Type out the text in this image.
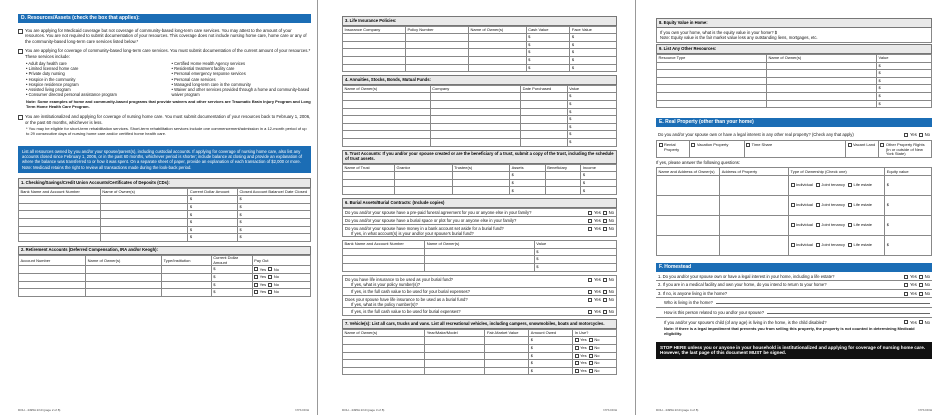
D. Resources/Assets (check the box that applies):
You are applying for Medicaid coverage but not coverage of community-based long-term care services. You may attest to the amount of your resources. You are not required to submit documentation of your resources. This coverage does not include nursing home care, home care or any of the community-based long-term care services listed below.*
You are applying for coverage of community-based long-term care services. You must submit documentation of the current amount of your resources.* These services include:
• Adult day health care
• Limited licensed home care
• Private duty nursing
• Hospice in the community
• Hospice residence program
• Assisted living program
• Consumer directed personal assistance program
• Certified Home Health Agency services
• Residential treatment facility care
• Personal emergency response services
• Personal care services
• Managed long-term care in the community
• Waiver and other services provided through a home and community-based waiver program
Note: Some examples of home and community-based programs that provide waivers and other services are Traumatic Brain Injury Program and Long Term Home Health Care Program.
You are institutionalized and applying for coverage of nursing home care. You must submit documentation of your resources back to February 1, 2006, or the past 60 months, whichever is less.
* You may be eligible for short-term rehabilitation services. Short-term rehabilitation services include one commencement/admission in a 12-month period of up to 29 consecutive days of nursing home care and/or certified home health care.
List all resources owned by you and/or your spouse/parent(s), including custodial accounts. If applying for coverage of nursing home care, also list any accounts closed since February 1, 2006, or in the past 60 months, whichever period is shorter; include balance at closing and provide an explanation of where the balance was transferred to or how it was spent. On a separate sheet of paper, provide an explanation of each transaction of $2,000 or more. Note: Medicaid retains the right to review all transactions made during the look-back period.
1. Checking/Savings/Credit Union Accounts/Certificates of Deposits (CDs):
Bank Name and Account Number	Name of Owner(s)	Current Dollar Amount	Closed Account Balance/ Date Closed
		$	$
		$	$
		$	$
		$	$
		$	$
		$	$
2. Retirement Accounts (Deferred Compensation, IRA and/or Keogh):
Account Number	Name of Owner(s)	Type/Institution	Current Dollar Amount	Pay Out
			$	Yes No
			$	Yes No
			$	Yes No
			$	Yes No
DOH - 4495A 2/10 (page 2 of 8)	NYS DOH
3. Life Insurance Policies:
Insurance Company	Policy Number	Name of Owner(s)	Cash Value	Face Value
			$	$
			$	$
			$	$
			$	$
			$	$
4. Annuities, Stocks, Bonds, Mutual Funds:
Name of Owner(s)	Company	Date Purchased	Value
			$
			$
			$
			$
			$
			$
			$
5. Trust Accounts: If you and/or your spouse created or are the beneficiary of a trust, submit a copy of the trust, including the schedule of trust assets.
Name of Trust	Grantor	Trustee(s)	Assets	Beneficiary	Income
			$		$
			$		$
			$		$
6. Burial Assets/Burial Contracts: (Include copies)
Do you and/or your spouse have a pre-paid funeral agreement for you or anyone else in your family?	Yes No
Do you and/or your spouse have a burial space or plot for you or anyone else in your family?	Yes No
Do you and/or your spouse have money in a bank account set aside for a burial fund?
If yes, in what account(s) is your and/or your spouse's burial fund?
Yes No
Bank Name and Account Number	Name of Owner(s)	Value
		$
		$
		$
Do you have life insurance to be used as your burial fund?
If yes, what is your policy number(s)?
Yes No
If yes, is the full cash value to be used for your burial expenses?	Yes No
Does your spouse have life insurance to be used as a burial fund?
If yes, what is the policy number(s)?
Yes No
If yes, is the full cash value to be used for burial expenses?	Yes No
7. Vehicle(s): List all cars, trucks and vans. List all recreational vehicles, including campers, snowmobiles, boats and motorcycles.
Name of Owner(s)	Year/Make/Model	Fair-Market Value	Amount Owed	In Use?
			$	Yes No
			$	Yes No
			$	Yes No
			$	Yes No
			$	Yes No
DOH - 4495A 2/10 (page 3 of 8)	NYS DOH
8. Equity Value in Home:
If you own your home, what is the equity value in your home? $
Note: Equity value is the fair market value less any outstanding liens, mortgages, etc.
9. List Any Other Resources:
Resource Type	Name of Owner(s)	Value
		$
		$
		$
		$
		$
		$
E. Real Property (other than your home)
Do you and/or your spouse own or have a legal interest in any other real property? (Check any that apply)	Yes No
Rental Property
Vacation Property	Time Share	Vacant Land	Other Property Rights (In or outside of New York State)
If yes, please answer the following questions:
Name and Address of Owner(s)	Address of Property	Type of Ownership (Check one)	Equity value
		Individual Joint tenancy Life estate	$
		Individual Joint tenancy Life estate	$
		Individual Joint tenancy Life estate	$
		Individual Joint tenancy Life estate	$
F. Homestead
1. Do you and/or your spouse own or have a legal interest in your home, including a life estate?	Yes No
2. If you are in a medical facility and own your home, do you intend to return to your home?	Yes No
3. If no, is anyone living in the home?	Yes No
Who is living in the home?
How is this person related to you and/or your spouse?
If you and/or your spouse's child (of any age) is living in the home, is the child disabled?	Yes No
Note: If there is a legal impediment that prevents you from selling this property, the property is not counted in determining Medicaid eligibility.
STOP HERE unless you or anyone in your household is institutionalized and applying for coverage of nursing home care. However, the last page of this document MUST be signed.
DOH - 4495A 2/10 (page 4 of 8)	NYS DOH
